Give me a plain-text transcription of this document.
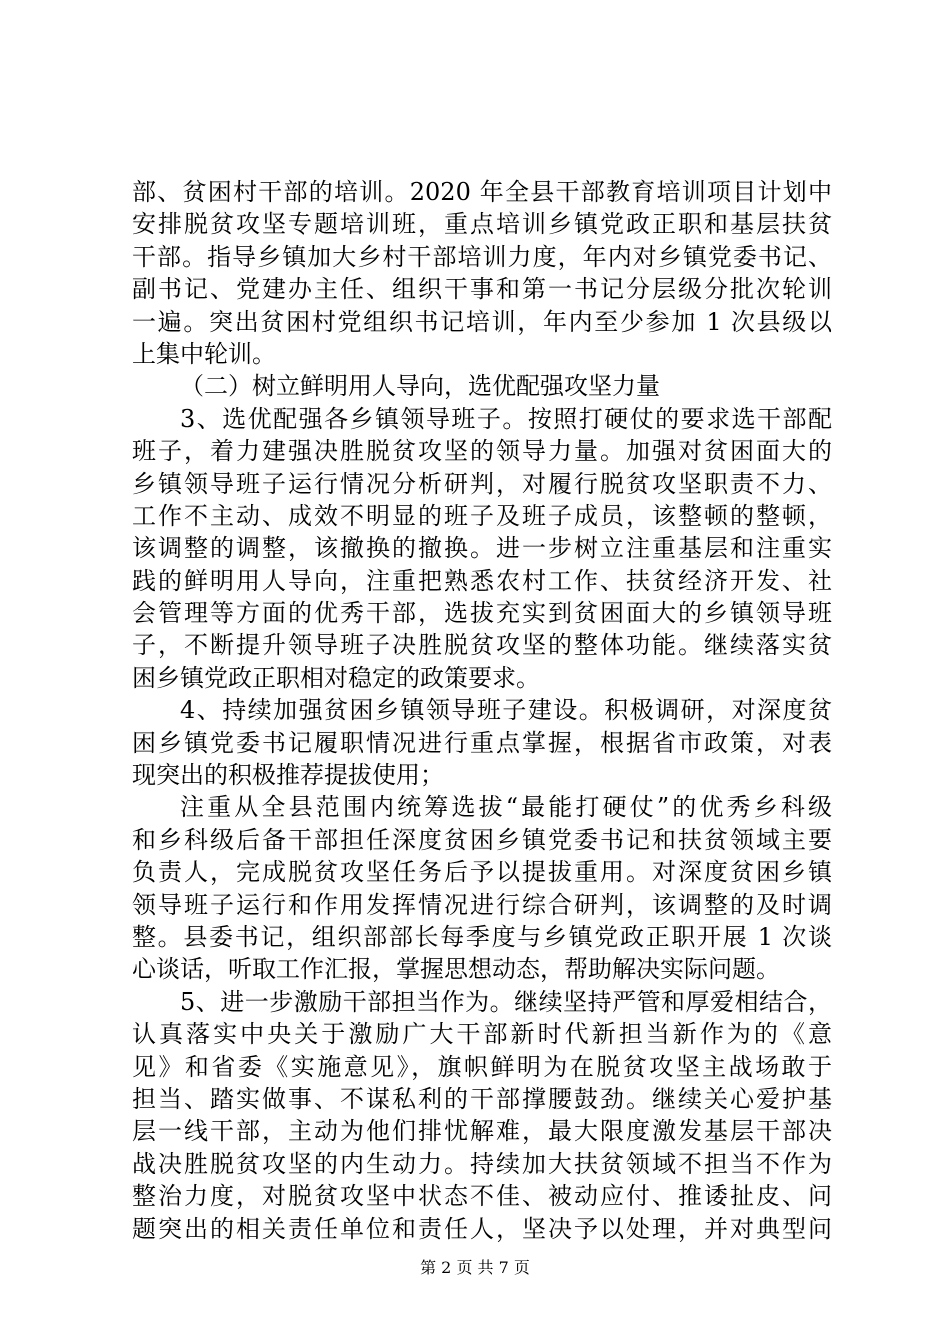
部、贫困村干部的培训。2020 年全县干部教育培训项目计划中
安排脱贫攻坚专题培训班，重点培训乡镇党政正职和基层扶贫
干部。指导乡镇加大乡村干部培训力度，年内对乡镇党委书记、
副书记、党建办主任、组织干事和第一书记分层级分批次轮训
一遍。突出贫困村党组织书记培训，年内至少参加 1 次县级以
上集中轮训。
（二）树立鲜明用人导向，选优配强攻坚力量
3、选优配强各乡镇领导班子。按照打硬仗的要求选干部配
班子，着力建强决胜脱贫攻坚的领导力量。加强对贫困面大的
乡镇领导班子运行情况分析研判，对履行脱贫攻坚职责不力、
工作不主动、成效不明显的班子及班子成员，该整顿的整顿，
该调整的调整，该撤换的撤换。进一步树立注重基层和注重实
践的鲜明用人导向，注重把熟悉农村工作、扶贫经济开发、社
会管理等方面的优秀干部，选拔充实到贫困面大的乡镇领导班
子，不断提升领导班子决胜脱贫攻坚的整体功能。继续落实贫
困乡镇党政正职相对稳定的政策要求。
4、持续加强贫困乡镇领导班子建设。积极调研，对深度贫
困乡镇党委书记履职情况进行重点掌握，根据省市政策，对表
现突出的积极推荐提拔使用；
注重从全县范围内统筹选拔“最能打硬仗”的优秀乡科级
和乡科级后备干部担任深度贫困乡镇党委书记和扶贫领域主要
负责人，完成脱贫攻坚任务后予以提拔重用。对深度贫困乡镇
领导班子运行和作用发挥情况进行综合研判，该调整的及时调
整。县委书记，组织部部长每季度与乡镇党政正职开展 1 次谈
心谈话，听取工作汇报，掌握思想动态，帮助解决实际问题。
5、进一步激励干部担当作为。继续坚持严管和厚爱相结合，
认真落实中央关于激励广大干部新时代新担当新作为的《意
见》和省委《实施意见》，旗帜鲜明为在脱贫攻坚主战场敢于
担当、踏实做事、不谋私利的干部撑腰鼓劲。继续关心爱护基
层一线干部，主动为他们排忧解难，最大限度激发基层干部决
战决胜脱贫攻坚的内生动力。持续加大扶贫领域不担当不作为
整治力度，对脱贫攻坚中状态不佳、被动应付、推诿扯皮、问
题突出的相关责任单位和责任人，坚决予以处理，并对典型问
第 2 页 共 7 页
